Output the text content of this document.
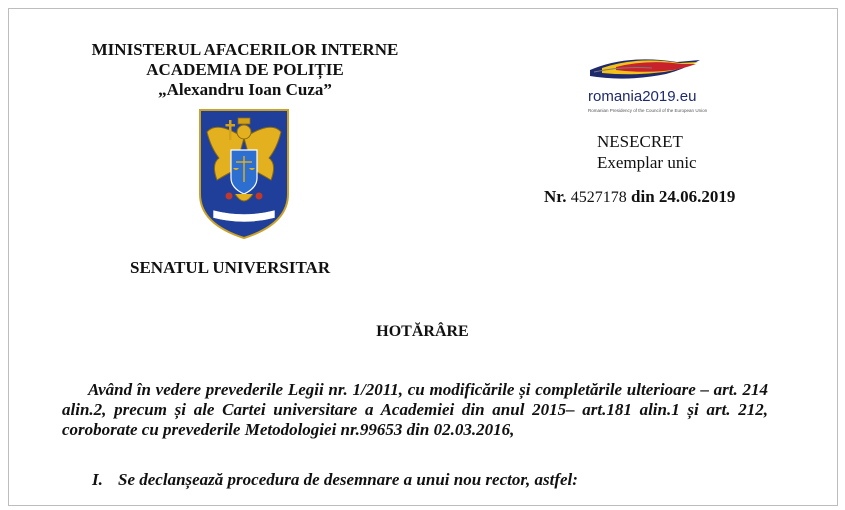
MINISTERUL AFACERILOR INTERNE
ACADEMIA DE POLIȚIE
„Alexandru Ioan Cuza”
SENATUL UNIVERSITAR
romania2019.eu
Romanian Presidency of the Council of the European Union
NESECRET
Exemplar unic
Nr. 4527178 din 24.06.2019
HOTĂRÂRE
Având în vedere prevederile Legii nr. 1/2011, cu modificările și completările ulterioare – art. 214 alin.2, precum și ale Cartei universitare a Academiei din anul 2015– art.181 alin.1 și art. 212, coroborate cu prevederile Metodologiei nr.99653 din 02.03.2016,
I. Se declanșează procedura de desemnare a unui nou rector, astfel:
